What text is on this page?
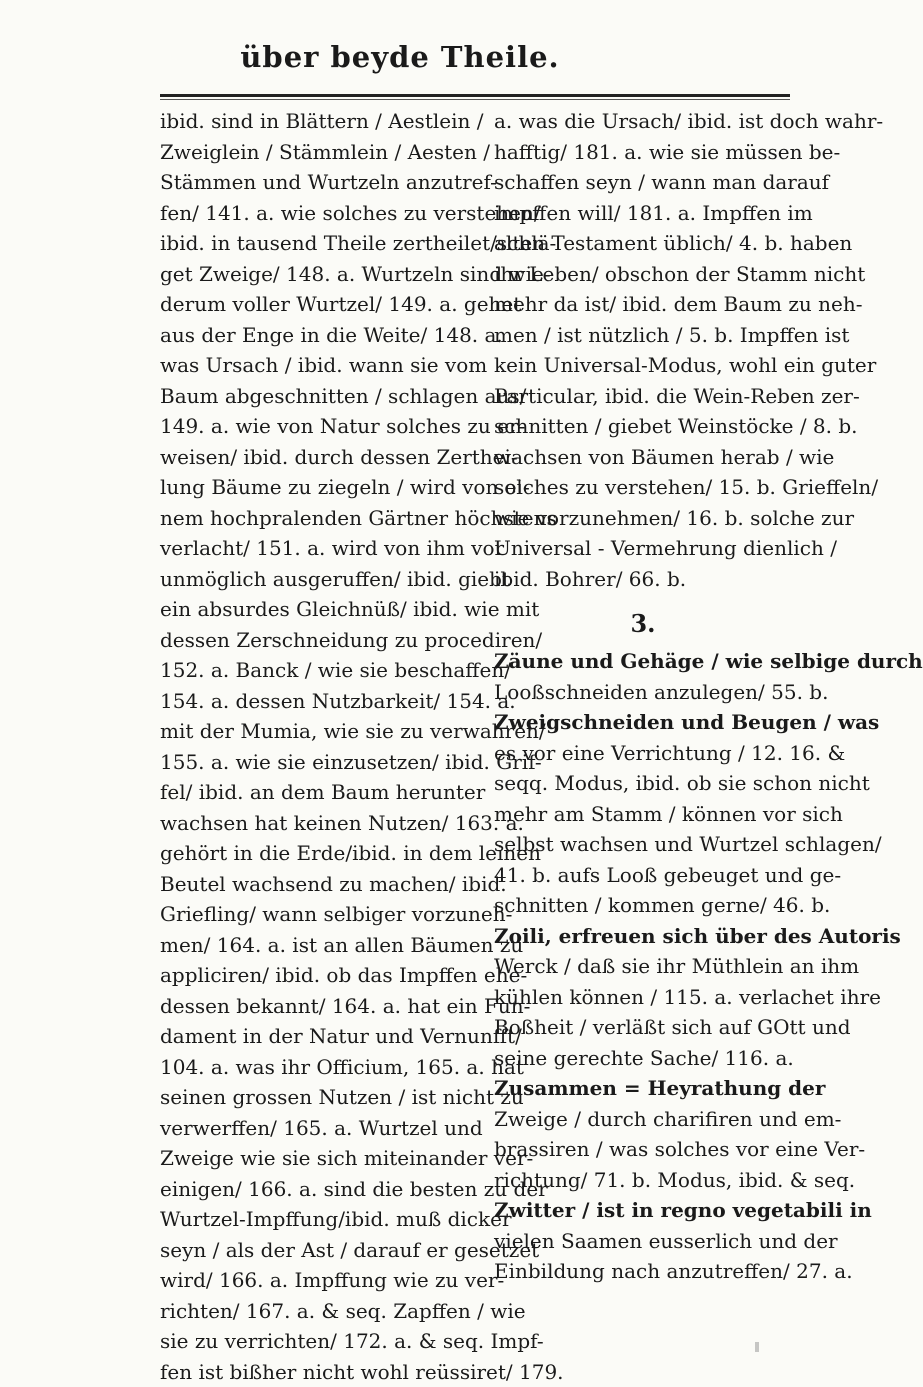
über beyde Theile.
ibid. sind in Blättern / Aestlein /
Zweiglein / Stämmlein / Aesten /
Stämmen und Wurtzeln anzutref-
fen/ 141. a. wie solches zu verstehen/
ibid. in tausend Theile zertheilet/schlä-
get Zweige/ 148. a. Wurtzeln sind wie-
derum voller Wurtzel/ 149. a. gehet
aus der Enge in die Weite/ 148. a.
was Ursach / ibid. wann sie vom
Baum abgeschnitten / schlagen aus/
149. a. wie von Natur solches zu er-
weisen/ ibid. durch dessen Zerthei-
lung Bäume zu ziegeln / wird von ei-
nem hochpralenden Gärtner höchstens
verlacht/ 151. a. wird von ihm vor
unmöglich ausgeruffen/ ibid. giebt
ein absurdes Gleichnüß/ ibid. wie mit
dessen Zerschneidung zu procediren/
152. a. Banck / wie sie beschaffen/
154. a. dessen Nutzbarkeit/ 154. a.
mit der Mumia, wie sie zu verwahren/
155. a. wie sie einzusetzen/ ibid. Grif-
fel/ ibid. an dem Baum herunter
wachsen hat keinen Nutzen/ 163. a.
gehört in die Erde/ibid. in dem leinen
Beutel wachsend zu machen/ ibid.
Griefling/ wann selbiger vorzuneh-
men/ 164. a. ist an allen Bäumen zu
appliciren/ ibid. ob das Impffen ehe-
dessen bekannt/ 164. a. hat ein Fun-
dament in der Natur und Vernunfft/
104. a. was ihr Officium, 165. a. hat
seinen grossen Nutzen / ist nicht zu
verwerffen/ 165. a. Wurtzel und
Zweige wie sie sich miteinander ver-
einigen/ 166. a. sind die besten zu der
Wurtzel-Impffung/ibid. muß dicker
seyn / als der Ast / darauf er gesetzet
wird/ 166. a. Impffung wie zu ver-
richten/ 167. a. & seq. Zapffen / wie
sie zu verrichten/ 172. a. & seq. Impf-
fen ist bißher nicht wohl reüssiret/ 179.
a. was die Ursach/ ibid. ist doch wahr-
hafftig/ 181. a. wie sie müssen be-
schaffen seyn / wann man darauf
impffen will/ 181. a. Impffen im
alten Testament üblich/ 4. b. haben
ihr Leben/ obschon der Stamm nicht
mehr da ist/ ibid. dem Baum zu neh-
men / ist nützlich / 5. b. Impffen ist
kein Universal-Modus, wohl ein guter
Particular, ibid. die Wein-Reben zer-
schnitten / giebet Weinstöcke / 8. b.
wachsen von Bäumen herab / wie
solches zu verstehen/ 15. b. Grieffeln/
wie vorzunehmen/ 16. b. solche zur
Universal - Vermehrung dienlich /
ibid. Bohrer/ 66. b.
3.
Zäune und Gehäge / wie selbige durch
Looßschneiden anzulegen/ 55. b.
Zweigschneiden und Beugen / was
es vor eine Verrichtung / 12. 16. &
seqq. Modus, ibid. ob sie schon nicht
mehr am Stamm / können vor sich
selbst wachsen und Wurtzel schlagen/
41. b. aufs Looß gebeuget und ge-
schnitten / kommen gerne/ 46. b.
Zoili, erfreuen sich über des Autoris
Werck / daß sie ihr Müthlein an ihm
kühlen können / 115. a. verlachet ihre
Boßheit / verläßt sich auf GOtt und
seine gerechte Sache/ 116. a.
Zusammen = Heyrathung der
Zweige / durch charifiren und em-
brassiren / was solches vor eine Ver-
richtung/ 71. b. Modus, ibid. & seq.
Zwitter / ist in regno vegetabili in
vielen Saamen eusserlich und der
Einbildung nach anzutreffen/ 27. a.
